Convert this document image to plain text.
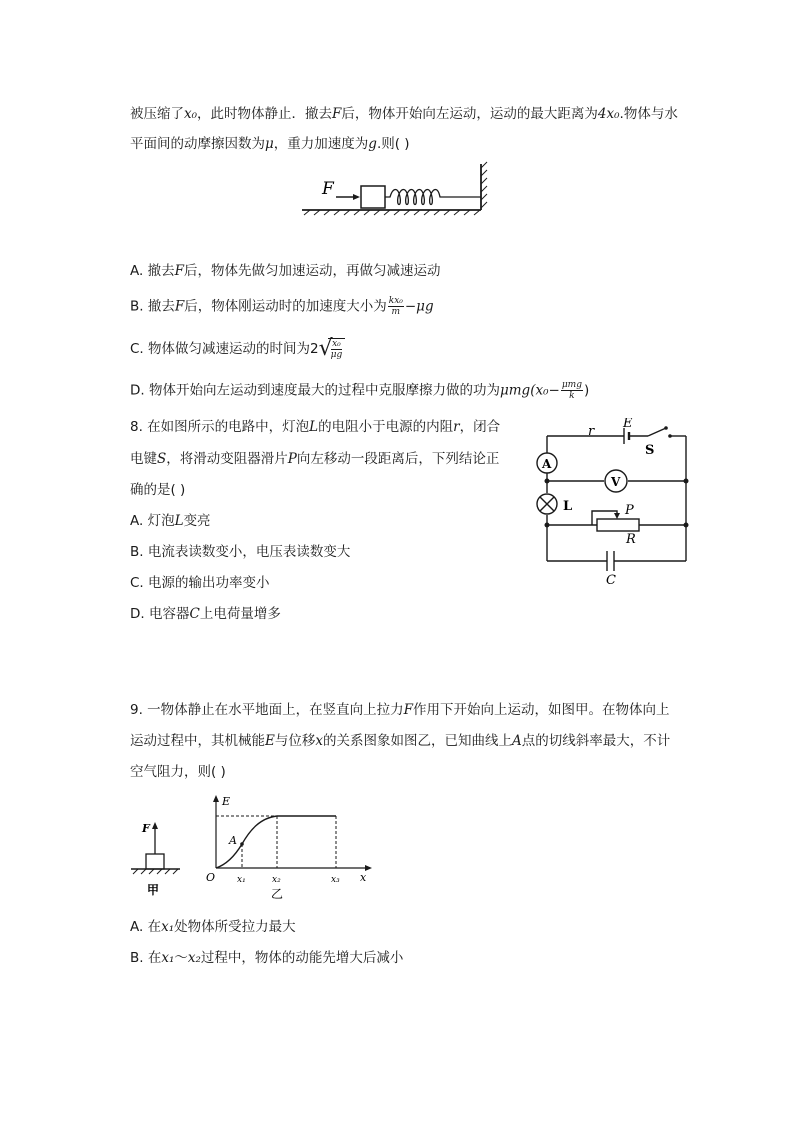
被压缩了x₀，此时物体静止．撤去F后，物体开始向左运动，运动的最大距离为4x₀.物体与水
平面间的动摩擦因数为μ，重力加速度为g.则( )
F
A. 撤去F后，物体先做匀加速运动，再做匀减速运动
B. 撤去F后，物体刚运动时的加速度大小为 $\frac{\text{kx₀}}{m} -\mu g$
C. 物体做匀减速运动的时间为2 √
$\frac{\text{x₀}}{\mu g}$
D. 物体开始向左运动到速度最大的过程中克服摩擦力做的功为$\mu mg(x_0- \frac{\text{μmg}}{k}$ )
8. 在如图所示的电路中，灯泡L的电阻小于电源的内阻r，闭合
电键S，将滑动变阻器滑片P向左移动一段距离后，下列结论正
确的是( )
A. 灯泡L变亮
B. 电流表读数变小，电压表读数变大
C. 电源的输出功率变小
D. 电容器C上电荷量增多
A
V
r
E
S
L	P
R
C
9. 一物体静止在水平地面上，在竖直向上拉力F作用下开始向上运动，如图甲。在物体向上
运动过程中，其机械能E与位移x的关系图象如图乙，已知曲线上A点的切线斜率最大，不计
空气阻力，则( )
F
甲
E
x
O
A
x₁	x₂	x₃
乙
A. 在x₁处物体所受拉力最大
B. 在x₁～x₂过程中，物体的动能先增大后减小
